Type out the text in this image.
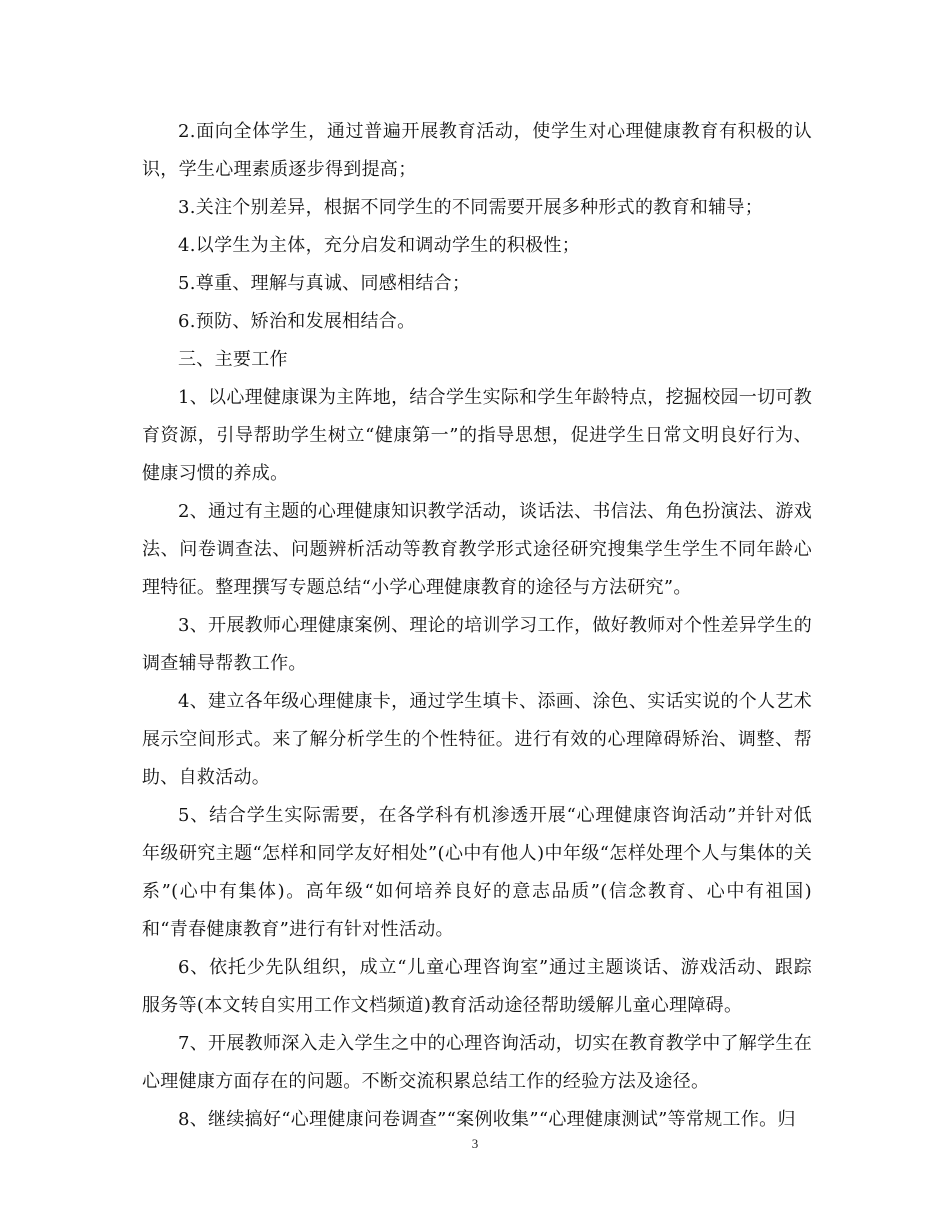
2.面向全体学生，通过普遍开展教育活动，使学生对心理健康教育有积极的认识，学生心理素质逐步得到提高；

3.关注个别差异，根据不同学生的不同需要开展多种形式的教育和辅导；

4.以学生为主体，充分启发和调动学生的积极性；

5.尊重、理解与真诚、同感相结合；

6.预防、矫治和发展相结合。

三、主要工作

1、以心理健康课为主阵地，结合学生实际和学生年龄特点，挖掘校园一切可教育资源，引导帮助学生树立“健康第一”的指导思想，促进学生日常文明良好行为、健康习惯的养成。

2、通过有主题的心理健康知识教学活动，谈话法、书信法、角色扮演法、游戏法、问卷调查法、问题辨析活动等教育教学形式途径研究搜集学生学生不同年龄心理特征。整理撰写专题总结“小学心理健康教育的途径与方法研究”。

3、开展教师心理健康案例、理论的培训学习工作，做好教师对个性差异学生的调查辅导帮教工作。

4、建立各年级心理健康卡，通过学生填卡、添画、涂色、实话实说的个人艺术展示空间形式。来了解分析学生的个性特征。进行有效的心理障碍矫治、调整、帮助、自救活动。

5、结合学生实际需要，在各学科有机渗透开展“心理健康咨询活动”并针对低年级研究主题“怎样和同学友好相处”(心中有他人)中年级“怎样处理个人与集体的关系”(心中有集体)。高年级“如何培养良好的意志品质”(信念教育、心中有祖国)和“青春健康教育”进行有针对性活动。

6、依托少先队组织，成立“儿童心理咨询室”通过主题谈话、游戏活动、跟踪服务等(本文转自实用工作文档频道)教育活动途径帮助缓解儿童心理障碍。

7、开展教师深入走入学生之中的心理咨询活动，切实在教育教学中了解学生在心理健康方面存在的问题。不断交流积累总结工作的经验方法及途径。

8、继续搞好“心理健康问卷调查”“案例收集”“心理健康测试”等常规工作。归

3
